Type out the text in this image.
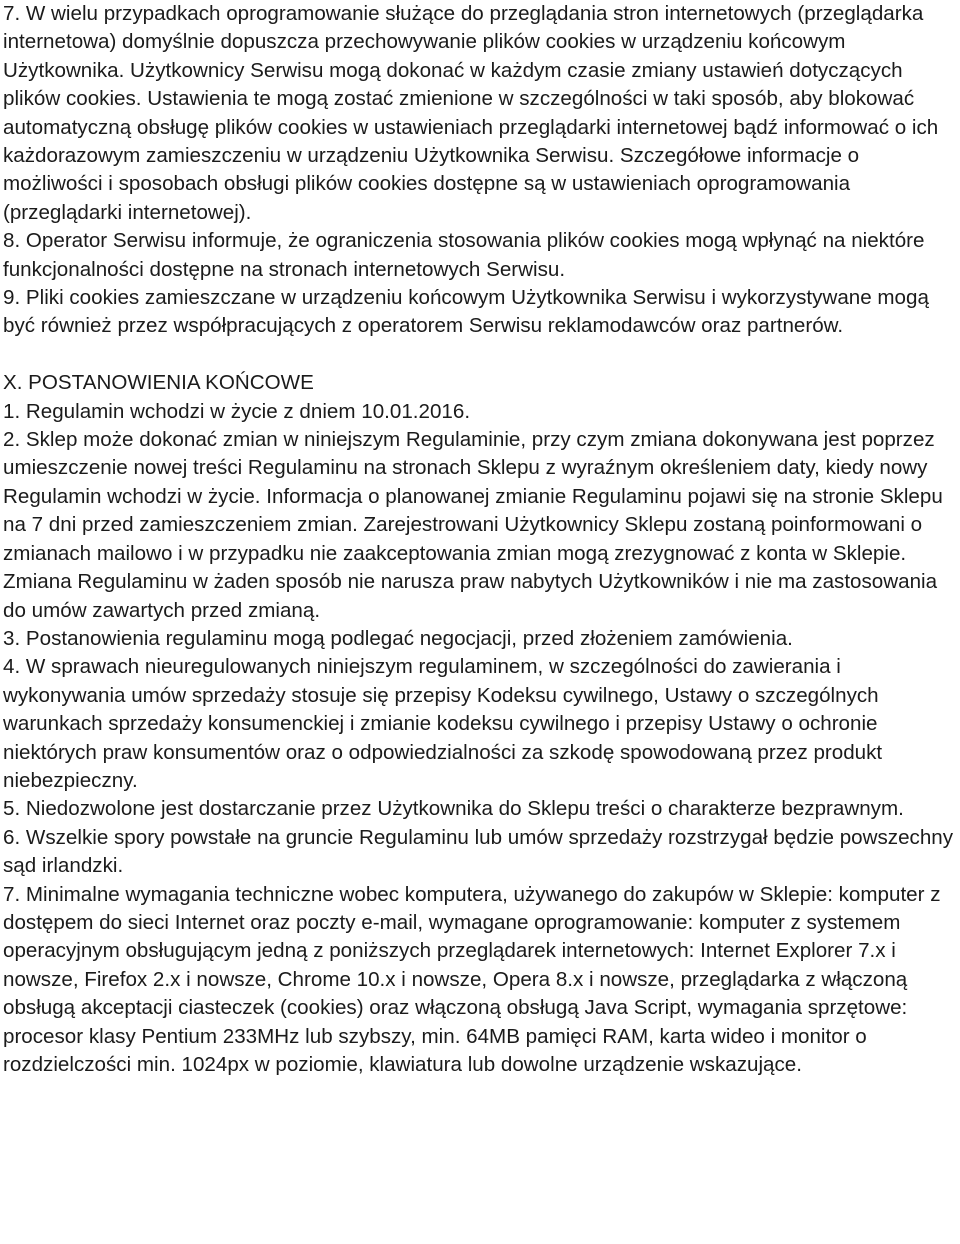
7. W wielu przypadkach oprogramowanie służące do przeglądania stron internetowych (przeglądarka internetowa) domyślnie dopuszcza przechowywanie plików cookies w urządzeniu końcowym Użytkownika. Użytkownicy Serwisu mogą dokonać w każdym czasie zmiany ustawień dotyczących plików cookies. Ustawienia te mogą zostać zmienione w szczególności w taki sposób, aby blokować automatyczną obsługę plików cookies w ustawieniach przeglądarki internetowej bądź informować o ich każdorazowym zamieszczeniu w urządzeniu Użytkownika Serwisu. Szczegółowe informacje o możliwości i sposobach obsługi plików cookies dostępne są w ustawieniach oprogramowania (przeglądarki internetowej).

8. Operator Serwisu informuje, że ograniczenia stosowania plików cookies mogą wpłynąć na niektóre funkcjonalności dostępne na stronach internetowych Serwisu.

9. Pliki cookies zamieszczane w urządzeniu końcowym Użytkownika Serwisu i wykorzystywane mogą być również przez współpracujących z operatorem Serwisu reklamodawców oraz partnerów.

X. POSTANOWIENIA KOŃCOWE

1. Regulamin wchodzi w życie z dniem 10.01.2016.

2. Sklep może dokonać zmian w niniejszym Regulaminie, przy czym zmiana dokonywana jest poprzez umieszczenie nowej treści Regulaminu na stronach Sklepu z wyraźnym określeniem daty, kiedy nowy Regulamin wchodzi w życie. Informacja o planowanej zmianie Regulaminu pojawi się na stronie Sklepu na 7 dni przed zamieszczeniem zmian. Zarejestrowani Użytkownicy Sklepu zostaną poinformowani o zmianach mailowo i w przypadku nie zaakceptowania zmian mogą zrezygnować z konta w Sklepie. Zmiana Regulaminu w żaden sposób nie narusza praw nabytych Użytkowników i nie ma zastosowania do umów zawartych przed zmianą.

3. Postanowienia regulaminu mogą podlegać negocjacji, przed złożeniem zamówienia.

4. W sprawach nieuregulowanych niniejszym regulaminem, w szczególności do zawierania i wykonywania umów sprzedaży stosuje się przepisy Kodeksu cywilnego, Ustawy o szczególnych warunkach sprzedaży konsumenckiej i zmianie kodeksu cywilnego i przepisy Ustawy o ochronie niektórych praw konsumentów oraz o odpowiedzialności za szkodę spowodowaną przez produkt niebezpieczny.

5. Niedozwolone jest dostarczanie przez Użytkownika do Sklepu treści o charakterze bezprawnym.

6. Wszelkie spory powstałe na gruncie Regulaminu lub umów sprzedaży rozstrzygał będzie powszechny sąd irlandzki.

7. Minimalne wymagania techniczne wobec komputera, używanego do zakupów w Sklepie: komputer z dostępem do sieci Internet oraz poczty e-mail, wymagane oprogramowanie: komputer z systemem operacyjnym obsługującym jedną z poniższych przeglądarek internetowych: Internet Explorer 7.x i nowsze, Firefox 2.x i nowsze, Chrome 10.x i nowsze, Opera 8.x i nowsze, przeglądarka z włączoną obsługą akceptacji ciasteczek (cookies) oraz włączoną obsługą Java Script, wymagania sprzętowe: procesor klasy Pentium 233MHz lub szybszy, min. 64MB pamięci RAM, karta wideo i monitor o rozdzielczości min. 1024px w poziomie, klawiatura lub dowolne urządzenie wskazujące.
